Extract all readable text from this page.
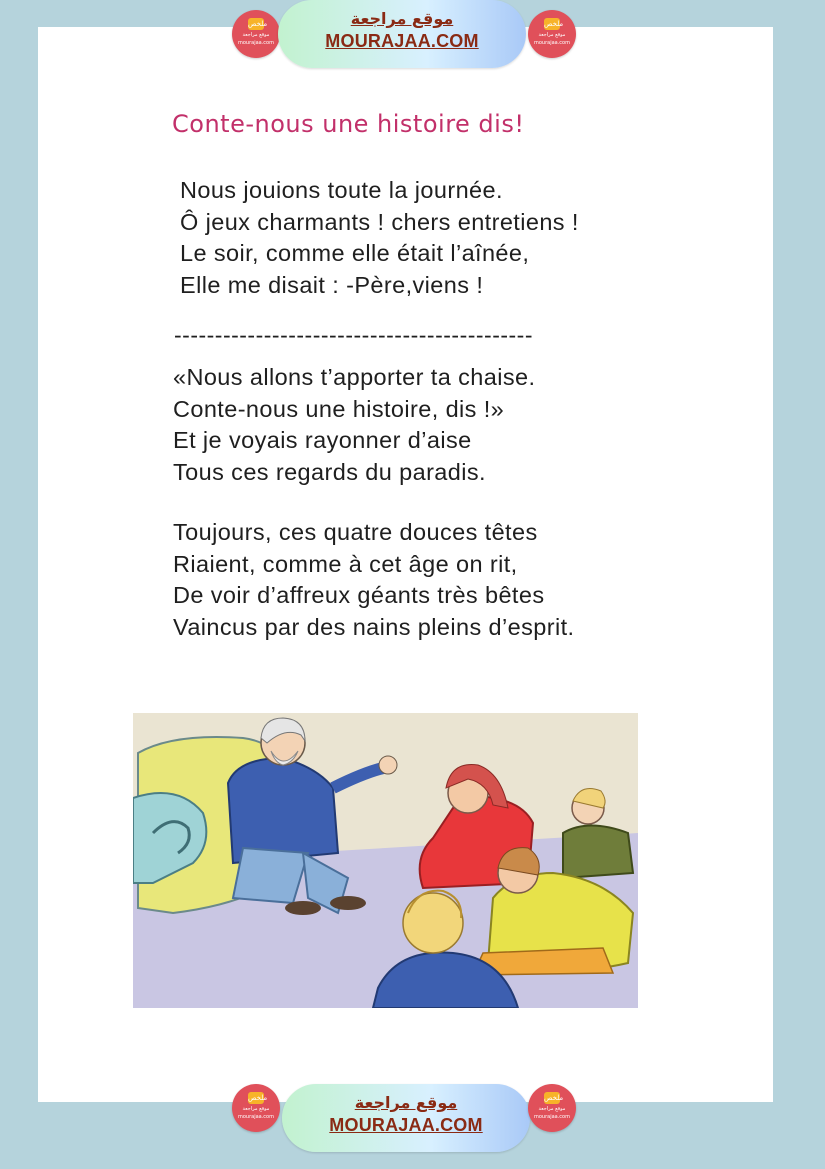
ملخص
موقع مراجعة
mourajaa.com
موقع مراجعة
MOURAJAA.COM
ملخص
موقع مراجعة
mourajaa.com
Conte-nous une histoire dis!
Nous jouions toute la journée.
Ô jeux charmants ! chers entretiens !
Le soir, comme elle était l’aînée,
Elle me disait : -Père,viens !
--------------------------------------------
«Nous allons t’apporter ta chaise.
Conte-nous une histoire, dis !»
Et je voyais rayonner d’aise
Tous ces regards du paradis.
Toujours, ces quatre douces têtes
Riaient, comme à cet âge on rit,
De voir d’affreux géants très bêtes
Vaincus par des nains pleins d’esprit.
ملخص
موقع مراجعة
mourajaa.com
موقع مراجعة
MOURAJAA.COM
ملخص
موقع مراجعة
mourajaa.com
